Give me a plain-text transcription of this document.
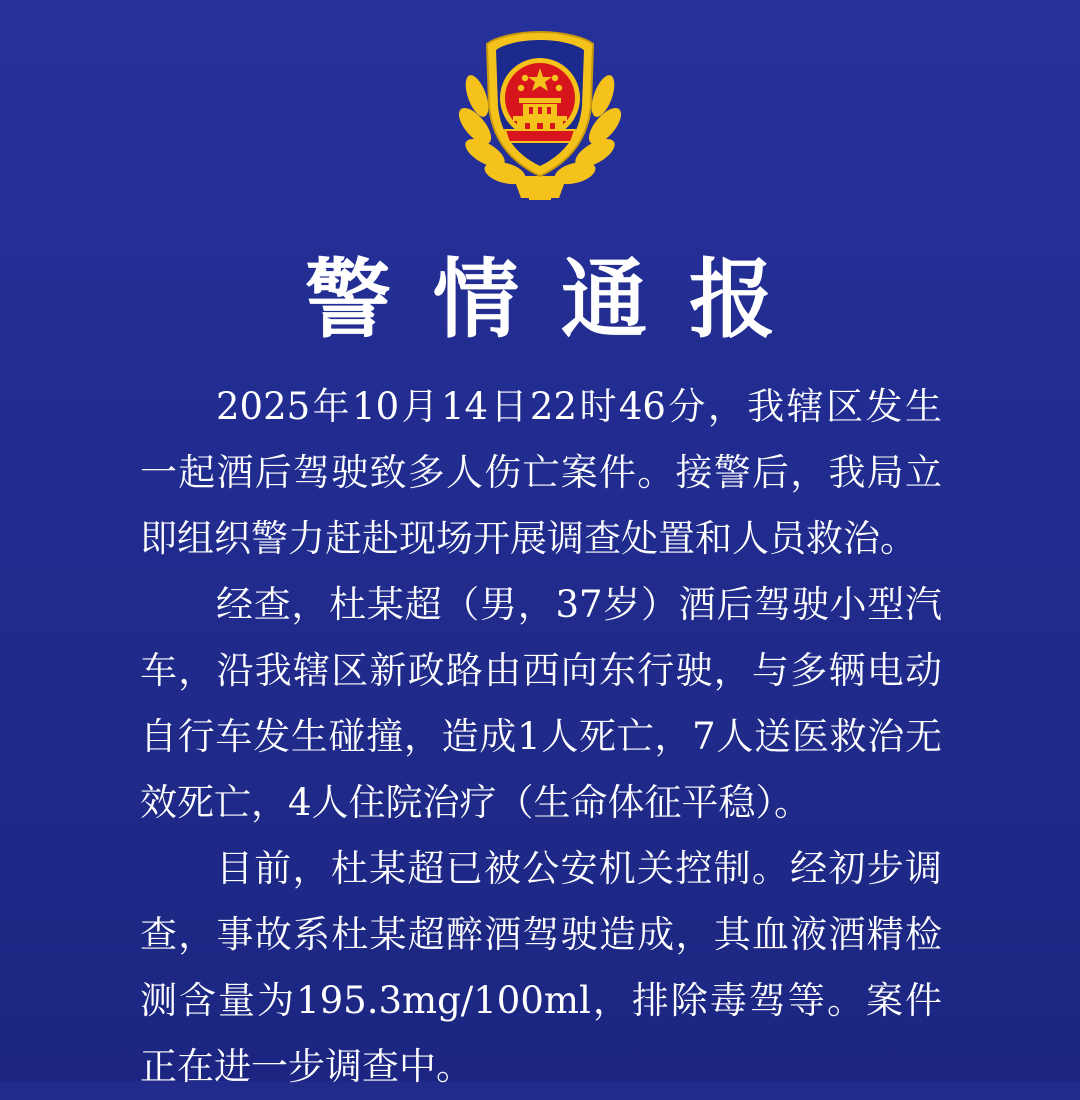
警情通报

2025年10月14日22时46分，我辖区发生一起酒后驾驶致多人伤亡案件。接警后，我局立即组织警力赶赴现场开展调查处置和人员救治。

经查，杜某超（男，37岁）酒后驾驶小型汽车，沿我辖区新政路由西向东行驶，与多辆电动自行车发生碰撞，造成1人死亡，7人送医救治无效死亡，4人住院治疗（生命体征平稳）。

目前，杜某超已被公安机关控制。经初步调查，事故系杜某超醉酒驾驶造成，其血液酒精检测含量为195.3mg/100ml，排除毒驾等。案件正在进一步调查中。
